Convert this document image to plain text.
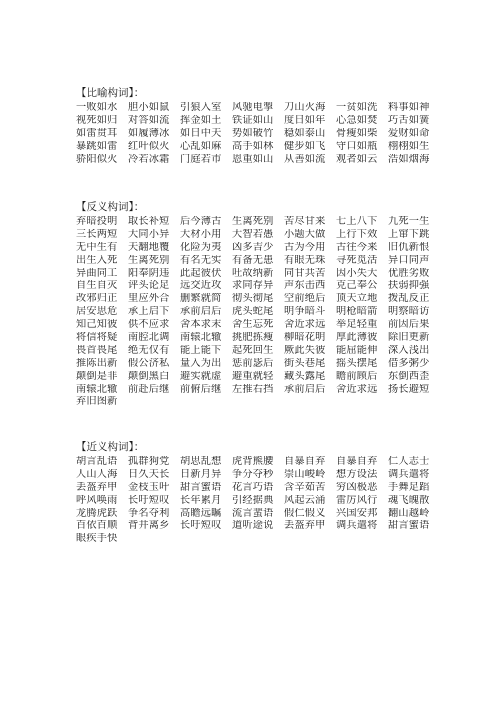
【比喻构词】：
一败如水	胆小如鼠	引狼入室	风驰电掣	刀山火海	一贫如洗	料事如神
视死如归	对答如流	挥金如土	铁证如山	度日如年	心急如焚	巧舌如簧
如雷贯耳	如履薄冰	如日中天	势如破竹	稳如泰山	骨瘦如柴	爱财如命
暴跳如雷	红叶似火	心乱如麻	高手如林	健步如飞	守口如瓶	栩栩如生
骄阳似火	冷若冰霜	门庭若市	恩重如山	从善如流	观者如云	浩如烟海
【反义构词】：
弃暗投明	取长补短	后今薄古	生离死别	苦尽甘来	七上八下	九死一生
三长两短	大同小异	大材小用	大智若愚	小题大做	上行下效	上窜下跳
无中生有	天翻地覆	化险为夷	凶多吉少	古为今用	古往今来	旧仇新恨
出生入死	生离死别	有名无实	有备无患	有眼无珠	寻死觅活	异口同声
异曲同工	阳奉阴违	此起彼伏	吐故纳新	同甘共苦	因小失大	优胜劣败
自生自灭	评头论足	远交近攻	求同存异	声东击西	克己奉公	扶弱抑强
改邪归正	里应外合	删繁就简	彻头彻尾	空前绝后	顶天立地	拨乱反正
居安思危	承上启下	承前启后	虎头蛇尾	明争暗斗	明枪暗箭	明察暗访
知己知彼	供不应求	舍本求末	舍生忘死	舍近求远	举足轻重	前因后果
将信将疑	南腔北调	南辕北辙	挑肥拣瘦	柳暗花明	厚此薄彼	除旧更新
畏首畏尾	绝无仅有	能上能下	起死回生	厥此失彼	能屈能伸	深入浅出
推陈出新	假公济私	量入为出	惩前毖后	街头巷尾	摇头摆尾	借多粥少
颠倒是非	颠倒黑白	避实就虚	避重就轻	藏头露尾	瞻前顾后	东倒西歪
南辕北辙	前赴后继	前俯后继	左推右挡	承前启后	舍近求远	扬长避短
弃旧图新
【近义构词】：
胡言乱语	孤群狗党	胡思乱想	虎背熊腰	自暴自弃	自暴自弃	仁人志士
人山人海	日久天长	日新月异	争分夺秒	崇山峻岭	想方设法	调兵遣将
丢盔弃甲	金枝玉叶	甜言蜜语	花言巧语	含辛茹苦	穷凶极恶	手舞足蹈
呼风唤雨	长吁短叹	长年累月	引经据典	风起云涌	雷厉风行	魂飞魄散
龙腾虎跃	争名夺利	高瞻远瞩	流言蜚语	假仁假义	兴国安邦	翻山越岭
百依百顺	背井离乡	长吁短叹	道听途说	丢盔弃甲	调兵遣将	甜言蜜语
眼疾手快
